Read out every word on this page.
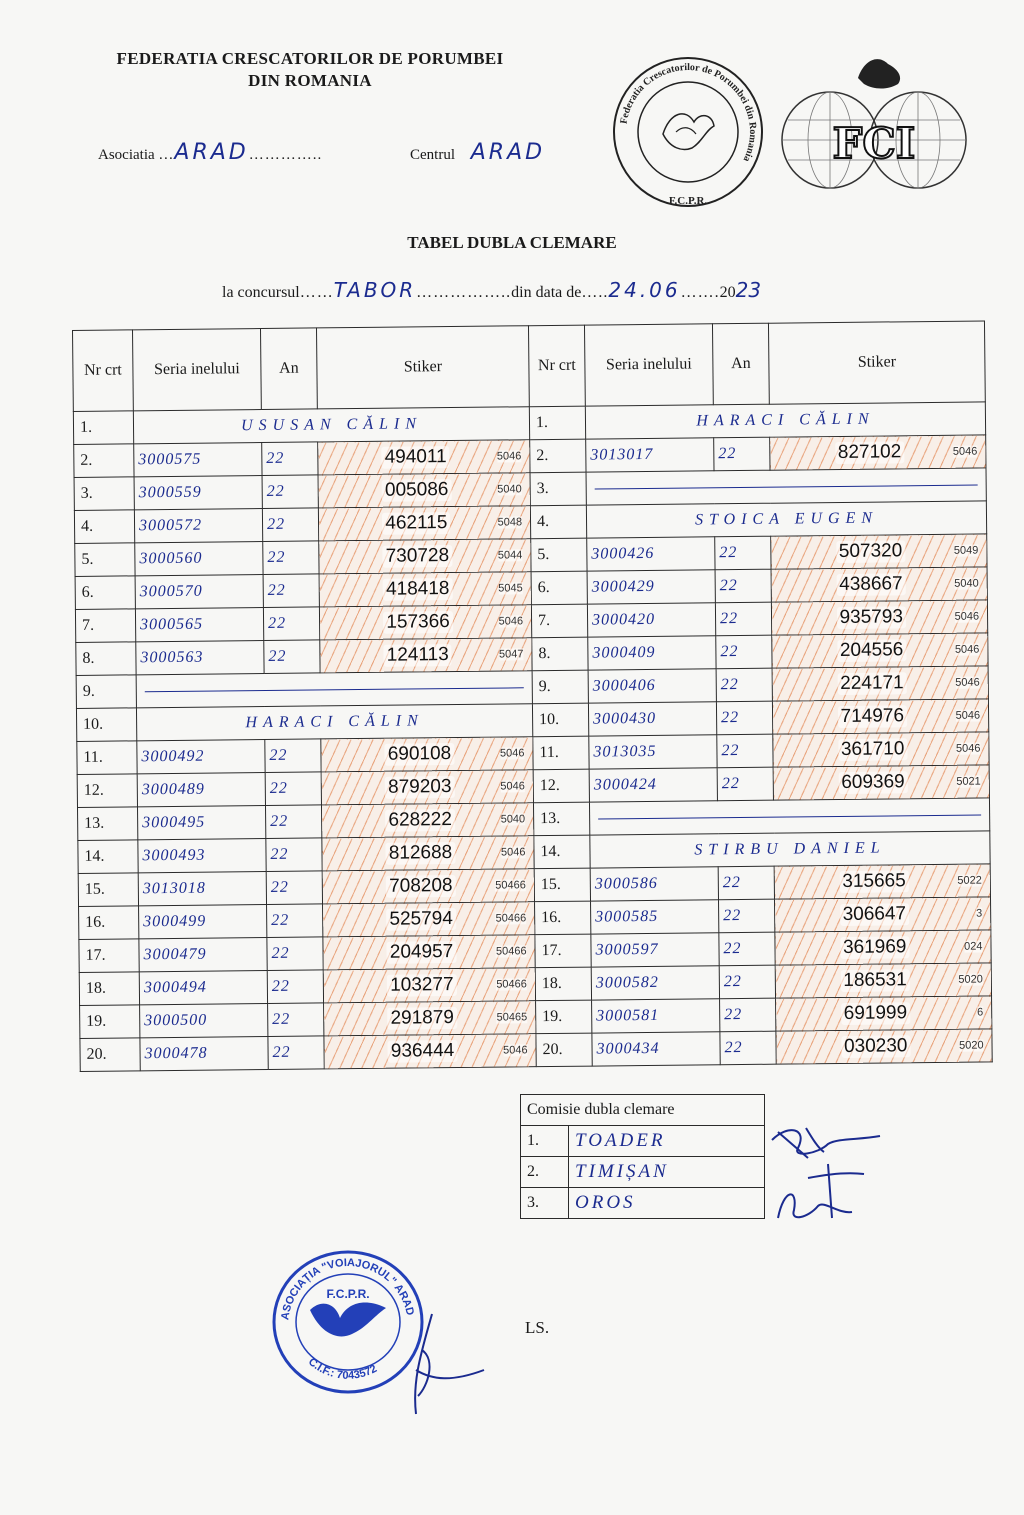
FEDERATIA CRESCATORILOR DE PORUMBEI
DIN ROMANIA
Asociatia …ARAD…………..	Centrul ARAD
Federatia Crescatorilor de Porumbei din Romania
F.C.P.R.
FCI
TABEL DUBLA CLEMARE
la concursul……TABOR……………..din data de…..24.06…….2023
Nr crt	Seria inelului	An	Stiker	Nr crt	Seria inelului	An	Stiker
1.	USUSAN CĂLIN			1.	HARACI CĂLIN		
2.	3000575	22	494011 5046	2.	3013017	22	827102 5046

3.	3000559	22	005086 5040	3.			

4.	3000572	22	462115 5048	4.	STOICA EUGEN		
5.	3000560	22	730728 5044	5.	3000426	22	507320 5049

6.	3000570	22	418418 5045	6.	3000429	22	438667 5040

7.	3000565	22	157366 5046	7.	3000420	22	935793 5046

8.	3000563	22	124113 5047	8.	3000409	22	204556 5046

9.				9.	3000406	22	224171 5046

10.	HARACI CĂLIN			10.	3000430	22	714976 5046

11.	3000492	22	690108 5046	11.	3013035	22	361710 5046

12.	3000489	22	879203 5046	12.	3000424	22	609369 5021

13.	3000495	22	628222 5040	13.			

14.	3000493	22	812688 5046	14.	STIRBU DANIEL		
15.	3013018	22	708208 50466	15.	3000586	22	315665 5022

16.	3000499	22	525794 50466	16.	3000585	22	306647 3

17.	3000479	22	204957 50466	17.	3000597	22	361969 024

18.	3000494	22	103277 50466	18.	3000582	22	186531 5020

19.	3000500	22	291879 50465	19.	3000581	22	691999 6

20.	3000478	22	936444 5046	20.	3000434	22	030230 5020
Comisie dubla clemare	
1.	TOADER
2.	TIMIȘAN
3.	OROS
ASOCIAȚIA "VOIAJORUL" ARAD
F.C.P.R.
C.I.F.: 7043572
LS.
